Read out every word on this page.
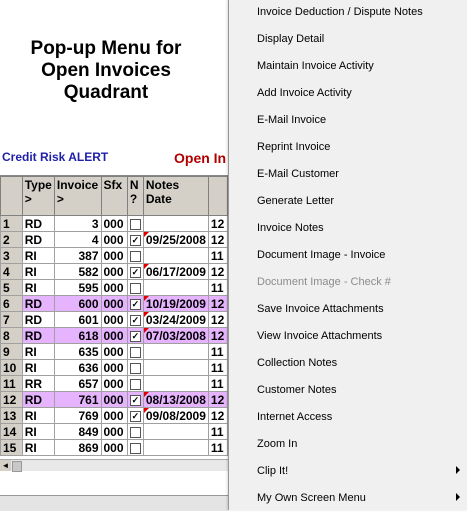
Pop-up Menu for
Open Invoices
Quadrant
Credit Risk ALERT	Open In
	Type >	Invoice >	Sfx	N ?	Notes Date	
1	RD	3	000			12
2	RD	4	000	✓	09/25/2008	12
3	RI	387	000			11
4	RI	582	000	✓	06/17/2009	12
5	RI	595	000			11
6	RD	600	000	✓	10/19/2009	12
7	RD	601	000	✓	03/24/2009	12
8	RD	618	000	✓	07/03/2008	12
9	RI	635	000			11
10	RI	636	000			11
11	RR	657	000			11
12	RD	761	000	✓	08/13/2008	12
13	RI	769	000	✓	09/08/2009	12
14	RI	849	000			11
15	RI	869	000			11
◄
Invoice Deduction / Dispute Notes
Display Detail
Maintain Invoice Activity
Add Invoice Activity
E-Mail Invoice
Reprint Invoice
E-Mail Customer
Generate Letter
Invoice Notes
Document Image - Invoice
Document Image - Check #
Save Invoice Attachments
View Invoice Attachments
Collection Notes
Customer Notes
Internet Access
Zoom In
Clip It!
My Own Screen Menu
